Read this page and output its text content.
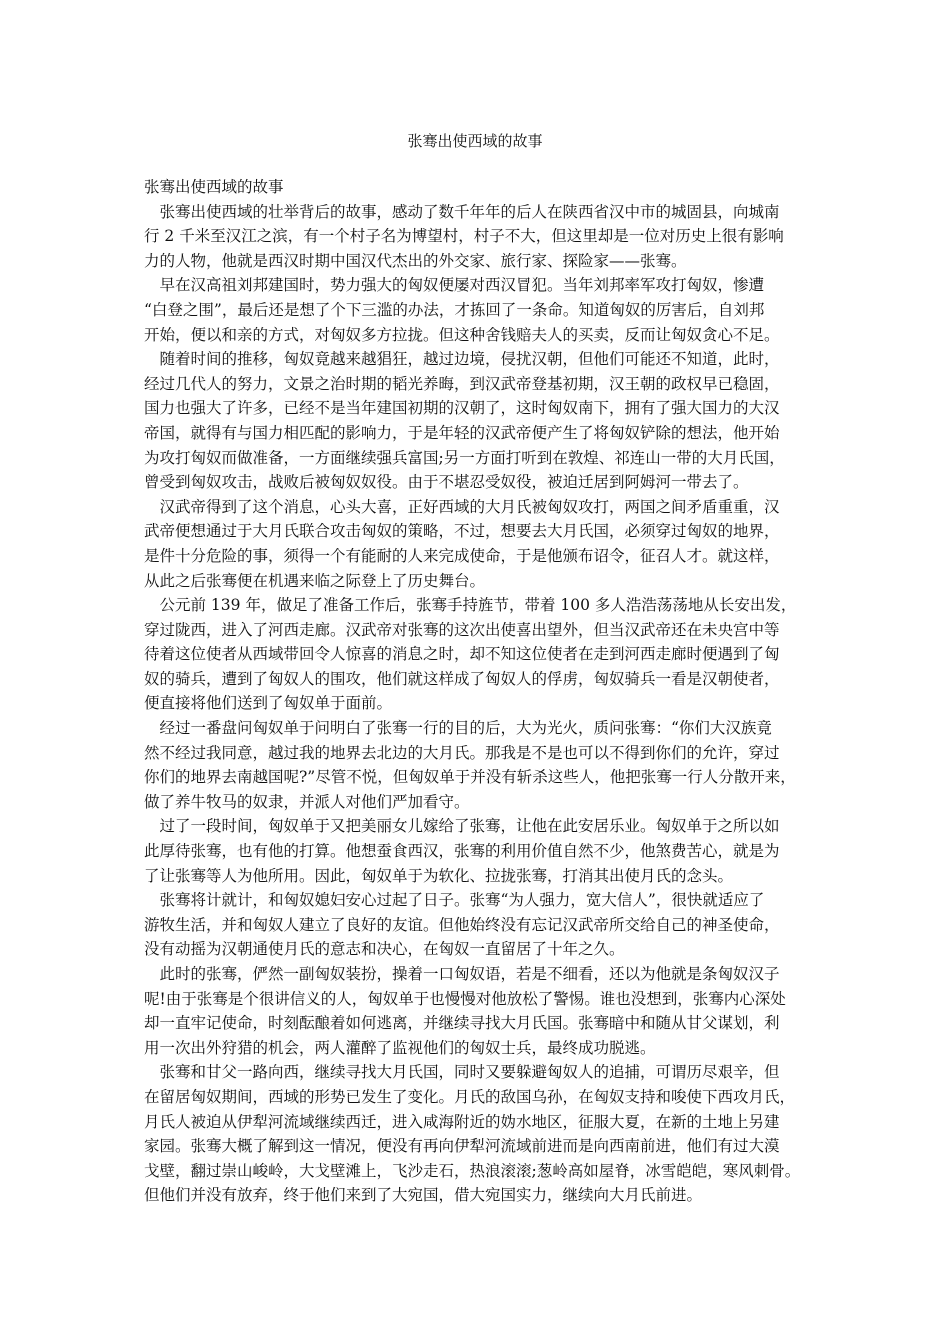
张骞出使西域的故事

张骞出使西域的故事

　张骞出使西域的壮举背后的故事，感动了数千年年的后人在陕西省汉中市的城固县，向城南
行 2 千米至汉江之滨，有一个村子名为博望村，村子不大，但这里却是一位对历史上很有影响
力的人物，他就是西汉时期中国汉代杰出的外交家、旅行家、探险家——张骞。

　早在汉高祖刘邦建国时，势力强大的匈奴便屡对西汉冒犯。当年刘邦率军攻打匈奴，惨遭
“白登之围”，最后还是想了个下三滥的办法，才拣回了一条命。知道匈奴的厉害后，自刘邦
开始，便以和亲的方式，对匈奴多方拉拢。但这种舍钱赔夫人的买卖，反而让匈奴贪心不足。

　随着时间的推移，匈奴竟越来越猖狂，越过边境，侵扰汉朝，但他们可能还不知道，此时，
经过几代人的努力，文景之治时期的韬光养晦，到汉武帝登基初期，汉王朝的政权早已稳固，
国力也强大了许多，已经不是当年建国初期的汉朝了，这时匈奴南下，拥有了强大国力的大汉
帝国，就得有与国力相匹配的影响力，于是年轻的汉武帝便产生了将匈奴铲除的想法，他开始
为攻打匈奴而做准备，一方面继续强兵富国;另一方面打听到在敦煌、祁连山一带的大月氏国，
曾受到匈奴攻击，战败后被匈奴奴役。由于不堪忍受奴役，被迫迁居到阿姆河一带去了。

　汉武帝得到了这个消息，心头大喜，正好西域的大月氏被匈奴攻打，两国之间矛盾重重，汉
武帝便想通过于大月氏联合攻击匈奴的策略，不过，想要去大月氏国，必须穿过匈奴的地界，
是件十分危险的事，须得一个有能耐的人来完成使命，于是他颁布诏令，征召人才。就这样，
从此之后张骞便在机遇来临之际登上了历史舞台。

　公元前 139 年，做足了准备工作后，张骞手持旌节，带着 100 多人浩浩荡荡地从长安出发，
穿过陇西，进入了河西走廊。汉武帝对张骞的这次出使喜出望外，但当汉武帝还在未央宫中等
待着这位使者从西域带回令人惊喜的消息之时，却不知这位使者在走到河西走廊时便遇到了匈
奴的骑兵，遭到了匈奴人的围攻，他们就这样成了匈奴人的俘虏，匈奴骑兵一看是汉朝使者，
便直接将他们送到了匈奴单于面前。

　经过一番盘问匈奴单于问明白了张骞一行的目的后，大为光火，质问张骞：“你们大汉族竟
然不经过我同意，越过我的地界去北边的大月氏。那我是不是也可以不得到你们的允许，穿过
你们的地界去南越国呢?”尽管不悦，但匈奴单于并没有斩杀这些人，他把张骞一行人分散开来，
做了养牛牧马的奴隶，并派人对他们严加看守。

　过了一段时间，匈奴单于又把美丽女儿嫁给了张骞，让他在此安居乐业。匈奴单于之所以如
此厚待张骞，也有他的打算。他想蚕食西汉，张骞的利用价值自然不少，他煞费苦心，就是为
了让张骞等人为他所用。因此，匈奴单于为软化、拉拢张骞，打消其出使月氏的念头。

　张骞将计就计，和匈奴媳妇安心过起了日子。张骞“为人强力，宽大信人”，很快就适应了
游牧生活，并和匈奴人建立了良好的友谊。但他始终没有忘记汉武帝所交给自己的神圣使命，
没有动摇为汉朝通使月氏的意志和决心，在匈奴一直留居了十年之久。

　此时的张骞，俨然一副匈奴装扮，操着一口匈奴语，若是不细看，还以为他就是条匈奴汉子
呢!由于张骞是个很讲信义的人，匈奴单于也慢慢对他放松了警惕。谁也没想到，张骞内心深处
却一直牢记使命，时刻酝酿着如何逃离，并继续寻找大月氏国。张骞暗中和随从甘父谋划，利
用一次出外狩猎的机会，两人灌醉了监视他们的匈奴士兵，最终成功脱逃。

　张骞和甘父一路向西，继续寻找大月氏国，同时又要躲避匈奴人的追捕，可谓历尽艰辛，但
在留居匈奴期间，西域的形势已发生了变化。月氏的敌国乌孙，在匈奴支持和唆使下西攻月氏，
月氏人被迫从伊犁河流域继续西迁，进入咸海附近的妫水地区，征服大夏，在新的土地上另建
家园。张骞大概了解到这一情况，便没有再向伊犁河流域前进而是向西南前进，他们有过大漠
戈壁，翻过崇山峻岭，大戈壁滩上，飞沙走石，热浪滚滚;葱岭高如屋脊，冰雪皑皑，寒风刺骨。
但他们并没有放弃，终于他们来到了大宛国，借大宛国实力，继续向大月氏前进。
